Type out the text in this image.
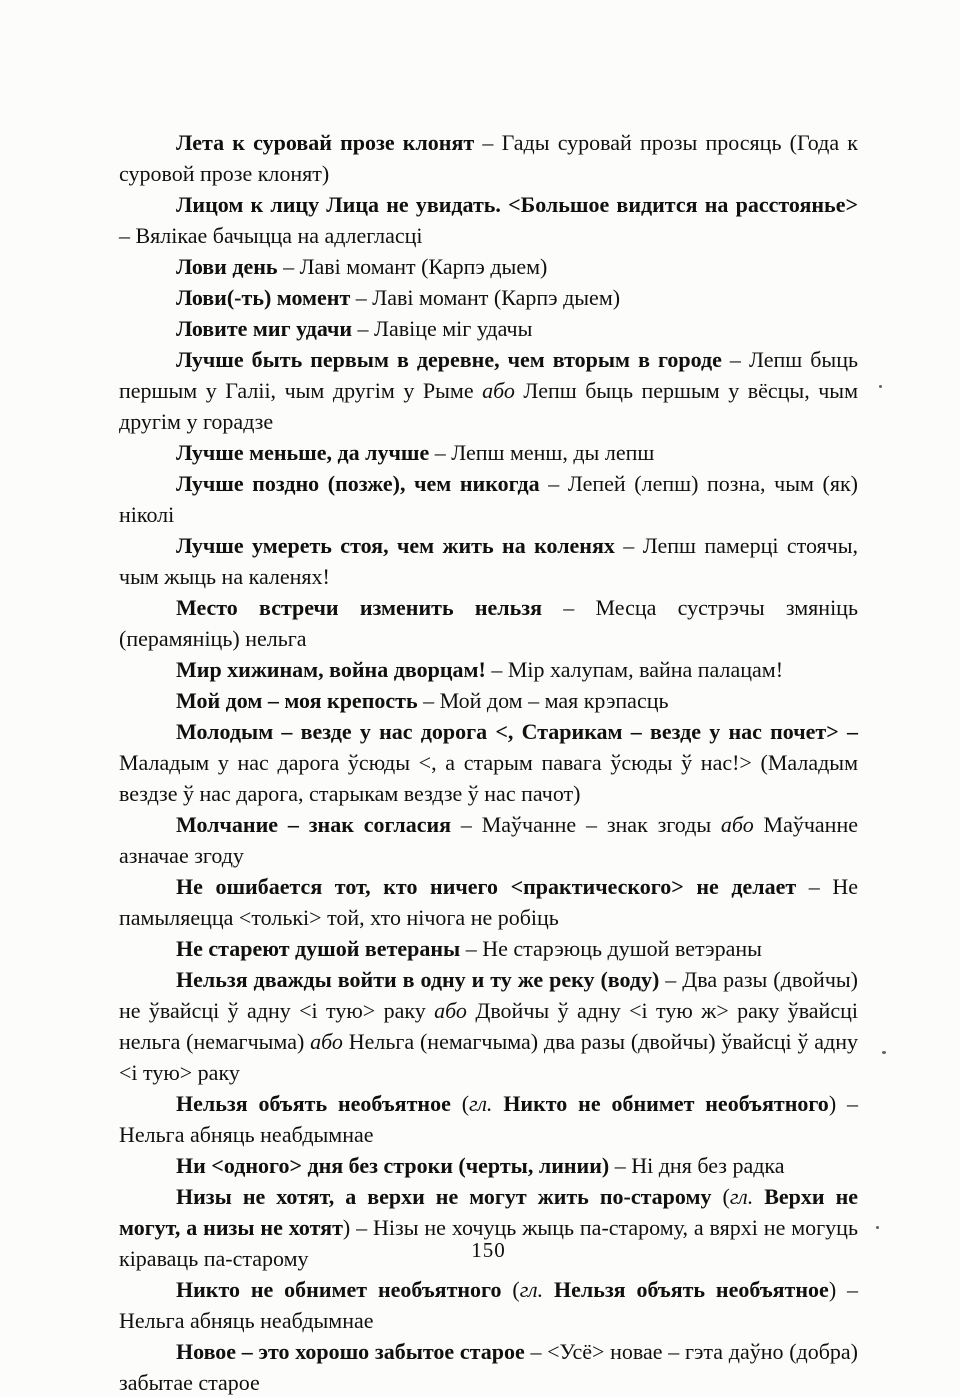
Лета к суровай прозе клонят – Гады суровай прозы просяць (Года к суровой прозе клонят)

Лицом к лицу Лица не увидать. <Большое видится на расстоянье> – Вялікае бачыцца на адлегласці

Лови день – Лаві момант (Карпэ дыем)

Лови(-ть) момент – Лаві момант (Карпэ дыем)

Ловите миг удачи – Лавіце міг удачы

Лучше быть первым в деревне, чем вторым в городе – Лепш быць першым у Галіі, чым другім у Рыме або Лепш быць першым у вёсцы, чым другім у горадзе

Лучше меньше, да лучше – Лепш менш, ды лепш

Лучше поздно (позже), чем никогда – Лепей (лепш) позна, чым (як) ніколі

Лучше умереть стоя, чем жить на коленях – Лепш памерці стоячы, чым жыць на каленях!

Место встречи изменить нельзя – Месца сустрэчы змяніць (перамяніць) нельга

Мир хижинам, война дворцам! – Мір халупам, вайна палацам!

Мой дом – моя крепость – Мой дом – мая крэпасць

Молодым – везде у нас дорога <, Старикам – везде у нас почет> – Маладым у нас дарога ўсюды <, а старым павага ўсюды ў нас!> (Маладым вездзе ў нас дарога, старыкам вездзе ў нас пачот)

Молчание – знак согласия – Маўчанне – знак згоды або Маўчанне азначае згоду

Не ошибается тот, кто ничего <практического> не делает – Не памыляецца <толькі> той, хто нічога не робіць

Не стареют душой ветераны – Не старэюць душой ветэраны

Нельзя дважды войти в одну и ту же реку (воду) – Два разы (двойчы) не ўвайсці ў адну <і тую> раку або Двойчы ў адну <і тую ж> раку ўвайсці нельга (немагчыма) або Нельга (немагчыма) два разы (двойчы) ўвайсці ў адну <і тую> раку

Нельзя объять необъятное (гл. Никто не обнимет необъятного) – Нельга абняць неабдымнае

Ни <одного> дня без строки (черты, линии) – Ні дня без радка

Низы не хотят, а верхи не могут жить по-старому (гл. Верхи не могут, а низы не хотят) – Нізы не хочуць жыць па-старому, а вярхі не могуць кіраваць па-старому

Никто не обнимет необъятного (гл. Нельзя объять необъятное) – Нельга абняць неабдымнае

Новое – это хорошо забытое старое – <Усё> новае – гэта даўно (добра) забытае старое

150
